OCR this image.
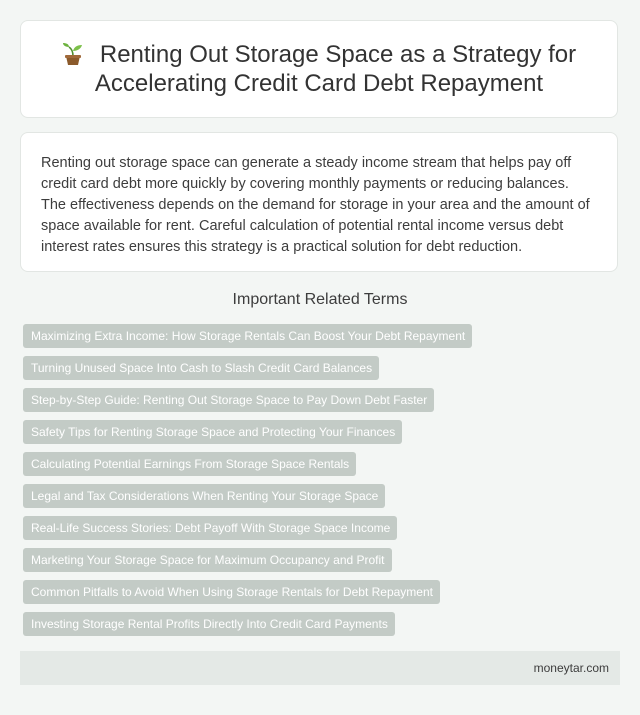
Renting Out Storage Space as a Strategy for Accelerating Credit Card Debt Repayment

Renting out storage space can generate a steady income stream that helps pay off credit card debt more quickly by covering monthly payments or reducing balances. The effectiveness depends on the demand for storage in your area and the amount of space available for rent. Careful calculation of potential rental income versus debt interest rates ensures this strategy is a practical solution for debt reduction.

Important Related Terms
Maximizing Extra Income: How Storage Rentals Can Boost Your Debt Repayment
Turning Unused Space Into Cash to Slash Credit Card Balances
Step-by-Step Guide: Renting Out Storage Space to Pay Down Debt Faster
Safety Tips for Renting Storage Space and Protecting Your Finances
Calculating Potential Earnings From Storage Space Rentals
Legal and Tax Considerations When Renting Your Storage Space
Real-Life Success Stories: Debt Payoff With Storage Space Income
Marketing Your Storage Space for Maximum Occupancy and Profit
Common Pitfalls to Avoid When Using Storage Rentals for Debt Repayment
Investing Storage Rental Profits Directly Into Credit Card Payments
moneytar.com
